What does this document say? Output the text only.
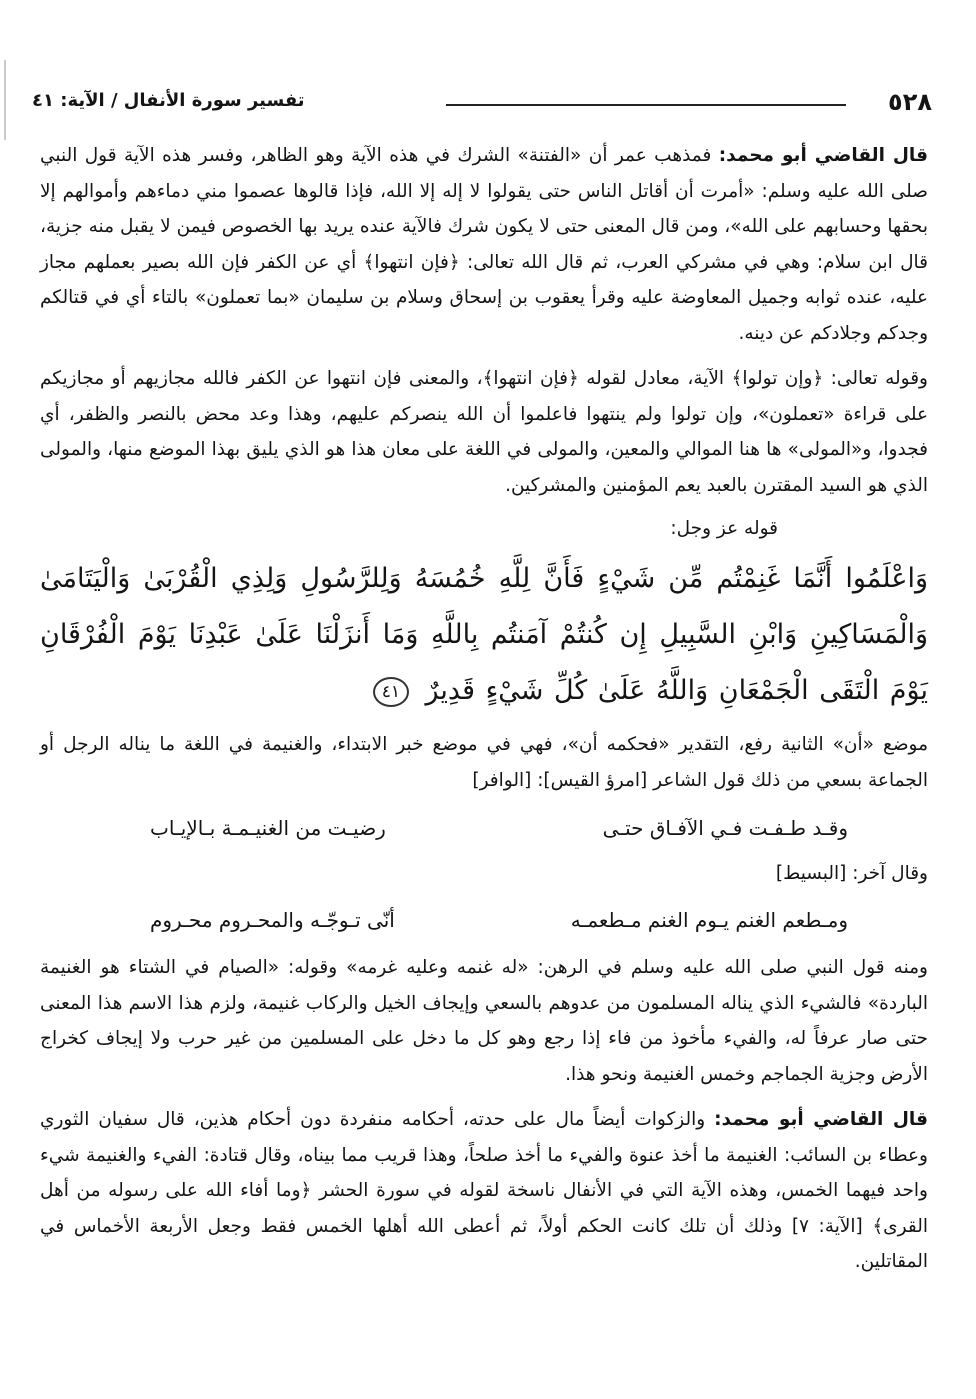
٥٢٨
تفسير سورة الأنفال / الآية: ٤١

قال القاضي أبو محمد: فمذهب عمر أن «الفتنة» الشرك في هذه الآية وهو الظاهر، وفسر هذه الآية قول النبي صلى الله عليه وسلم: «أمرت أن أقاتل الناس حتى يقولوا لا إله إلا الله، فإذا قالوها عصموا مني دماءهم وأموالهم إلا بحقها وحسابهم على الله»، ومن قال المعنى حتى لا يكون شرك فالآية عنده يريد بها الخصوص فيمن لا يقبل منه جزية، قال ابن سلام: وهي في مشركي العرب، ثم قال الله تعالى: ﴿فإن انتهوا﴾ أي عن الكفر فإن الله بصير بعملهم مجاز عليه، عنده ثوابه وجميل المعاوضة عليه وقرأ يعقوب بن إسحاق وسلام بن سليمان «بما تعملون» بالتاء أي في قتالكم وجدكم وجلادكم عن دينه.

وقوله تعالى: ﴿وإن تولوا﴾ الآية، معادل لقوله ﴿فإن انتهوا﴾، والمعنى فإن انتهوا عن الكفر فالله مجازيهم أو مجازيكم على قراءة «تعملون»، وإن تولوا ولم ينتهوا فاعلموا أن الله ينصركم عليهم، وهذا وعد محض بالنصر والظفر، أي فجدوا، و«المولى» ها هنا الموالي والمعين، والمولى في اللغة على معان هذا هو الذي يليق بهذا الموضع منها، والمولى الذي هو السيد المقترن بالعبد يعم المؤمنين والمشركين.

قوله عز وجل:
وَاعْلَمُوا أَنَّمَا غَنِمْتُم مِّن شَيْءٍ فَأَنَّ لِلَّهِ خُمُسَهُ وَلِلرَّسُولِ وَلِذِي الْقُرْبَىٰ وَالْيَتَامَىٰ وَالْمَسَاكِينِ وَابْنِ السَّبِيلِ إِن كُنتُمْ آمَنتُم بِاللَّهِ وَمَا أَنزَلْنَا عَلَىٰ عَبْدِنَا يَوْمَ الْفُرْقَانِ يَوْمَ الْتَقَى الْجَمْعَانِ وَاللَّهُ عَلَىٰ كُلِّ شَيْءٍ قَدِيرٌ ٤١

موضع «أن» الثانية رفع، التقدير «فحكمه أن»، فهي في موضع خبر الابتداء، والغنيمة في اللغة ما يناله الرجل أو الجماعة بسعي من ذلك قول الشاعر [امرؤ القيس]: [الوافر]

وقـد طـفـت فـي الآفـاق حتـى
رضيـت من الغنيـمـة بـالإيـاب
وقال آخر: [البسيط]
ومـطعم الغنم يـوم الغنم مـطعمـه
أنّى تـوجّـه والمحـروم محـروم

ومنه قول النبي صلى الله عليه وسلم في الرهن: «له غنمه وعليه غرمه» وقوله: «الصيام في الشتاء هو الغنيمة الباردة» فالشيء الذي يناله المسلمون من عدوهم بالسعي وإيجاف الخيل والركاب غنيمة، ولزم هذا الاسم هذا المعنى حتى صار عرفاً له، والفيء مأخوذ من فاء إذا رجع وهو كل ما دخل على المسلمين من غير حرب ولا إيجاف كخراج الأرض وجزية الجماجم وخمس الغنيمة ونحو هذا.

قال القاضي أبو محمد: والزكوات أيضاً مال على حدته، أحكامه منفردة دون أحكام هذين، قال سفيان الثوري وعطاء بن السائب: الغنيمة ما أخذ عنوة والفيء ما أخذ صلحاً، وهذا قريب مما بيناه، وقال قتادة: الفيء والغنيمة شيء واحد فيهما الخمس، وهذه الآية التي في الأنفال ناسخة لقوله في سورة الحشر ﴿وما أفاء الله على رسوله من أهل القرى﴾ [الآية: ٧] وذلك أن تلك كانت الحكم أولاً، ثم أعطى الله أهلها الخمس فقط وجعل الأربعة الأخماس في المقاتلين.
